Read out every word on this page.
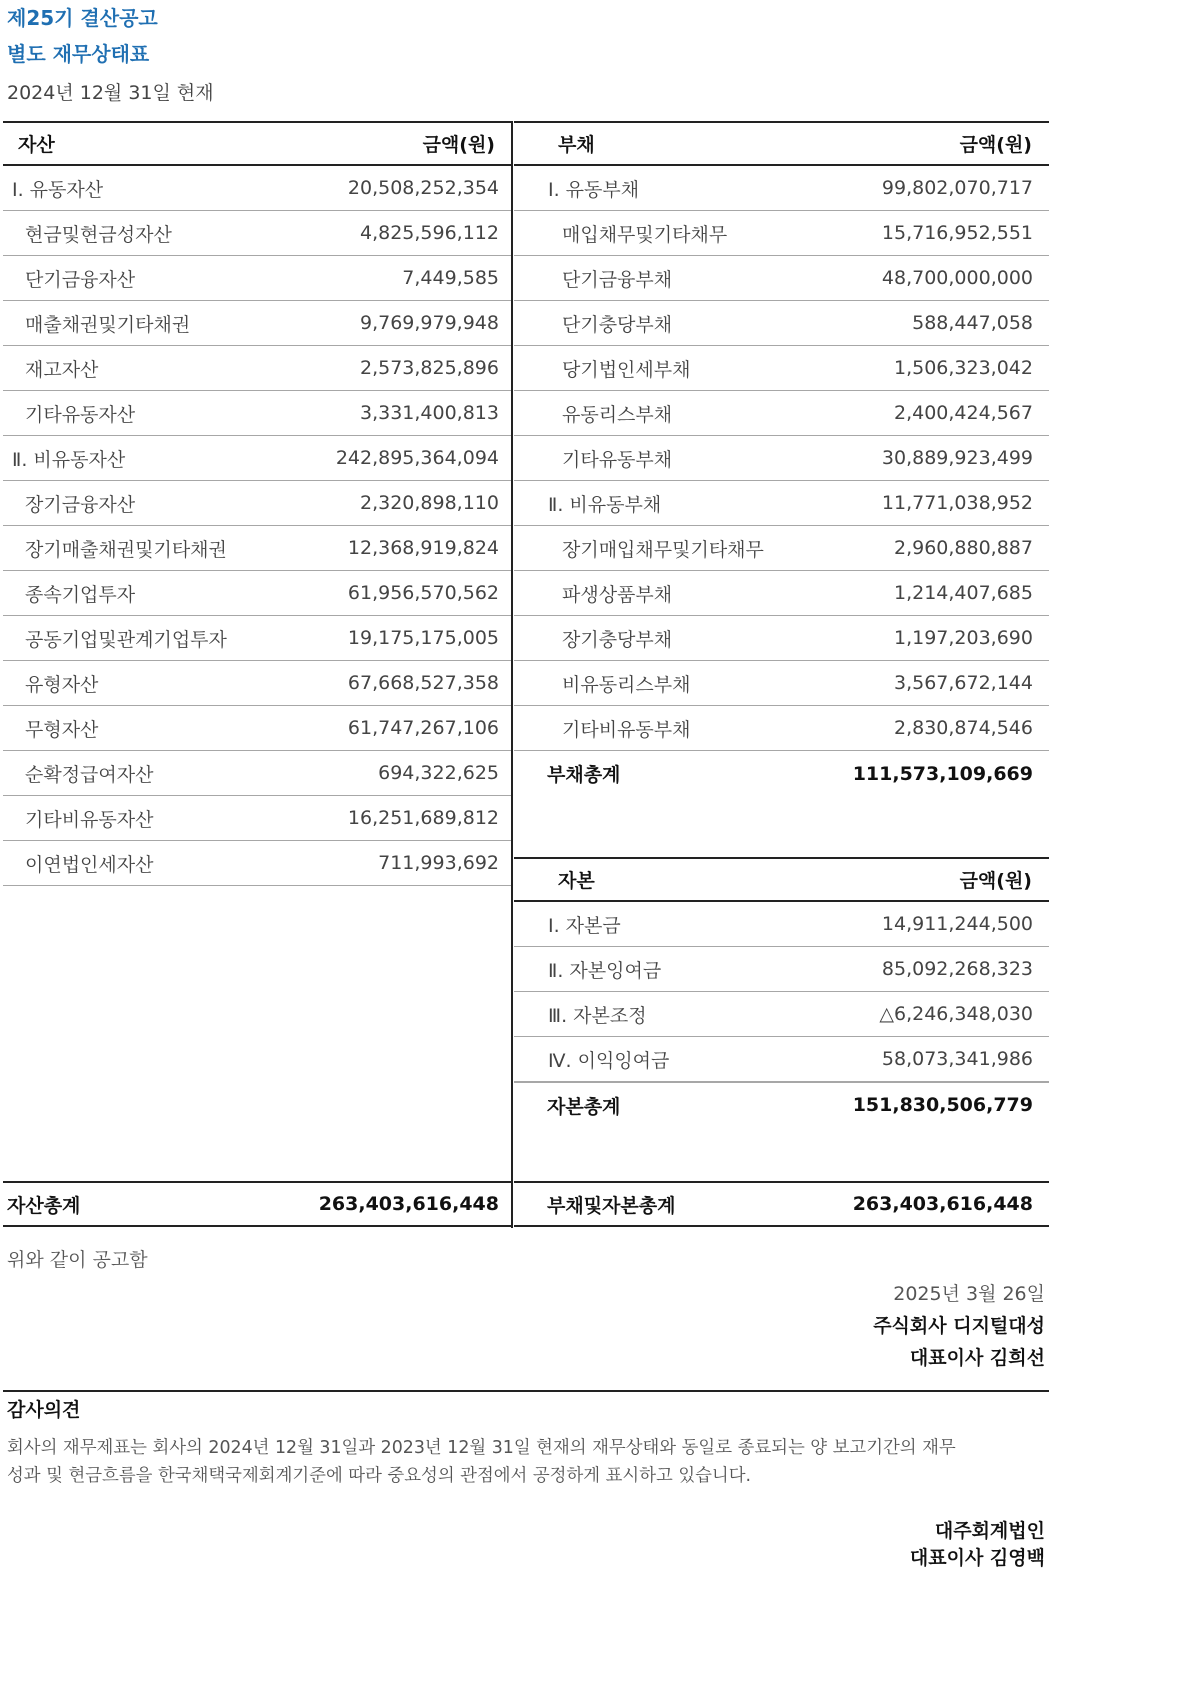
제25기 결산공고
별도 재무상태표
2024년 12월 31일 현재
자산	금액(원)
Ⅰ. 유동자산	20,508,252,354
현금및현금성자산	4,825,596,112
단기금융자산	7,449,585
매출채권및기타채권	9,769,979,948
재고자산	2,573,825,896
기타유동자산	3,331,400,813
Ⅱ. 비유동자산	242,895,364,094
장기금융자산	2,320,898,110
장기매출채권및기타채권	12,368,919,824
종속기업투자	61,956,570,562
공동기업및관계기업투자	19,175,175,005
유형자산	67,668,527,358
무형자산	61,747,267,106
순확정급여자산	694,322,625
기타비유동자산	16,251,689,812
이연법인세자산	711,993,692
부채	금액(원)
Ⅰ. 유동부채	99,802,070,717
매입채무및기타채무	15,716,952,551
단기금융부채	48,700,000,000
단기충당부채	588,447,058
당기법인세부채	1,506,323,042
유동리스부채	2,400,424,567
기타유동부채	30,889,923,499
Ⅱ. 비유동부채	11,771,038,952
장기매입채무및기타채무	2,960,880,887
파생상품부채	1,214,407,685
장기충당부채	1,197,203,690
비유동리스부채	3,567,672,144
기타비유동부채	2,830,874,546
부채총계	111,573,109,669
자본	금액(원)
Ⅰ. 자본금	14,911,244,500
Ⅱ. 자본잉여금	85,092,268,323
Ⅲ. 자본조정	△6,246,348,030
Ⅳ. 이익잉여금	58,073,341,986
자본총계	151,830,506,779
자산총계	263,403,616,448	부채및자본총계	263,403,616,448
위와 같이 공고함
2025년 3월 26일
주식회사 디지털대성
대표이사 김희선
감사의견
회사의 재무제표는 회사의 2024년 12월 31일과 2023년 12월 31일 현재의 재무상태와 동일로 종료되는 양 보고기간의 재무
성과 및 현금흐름을 한국채택국제회계기준에 따라 중요성의 관점에서 공정하게 표시하고 있습니다.
대주회계법인
대표이사 김영백
